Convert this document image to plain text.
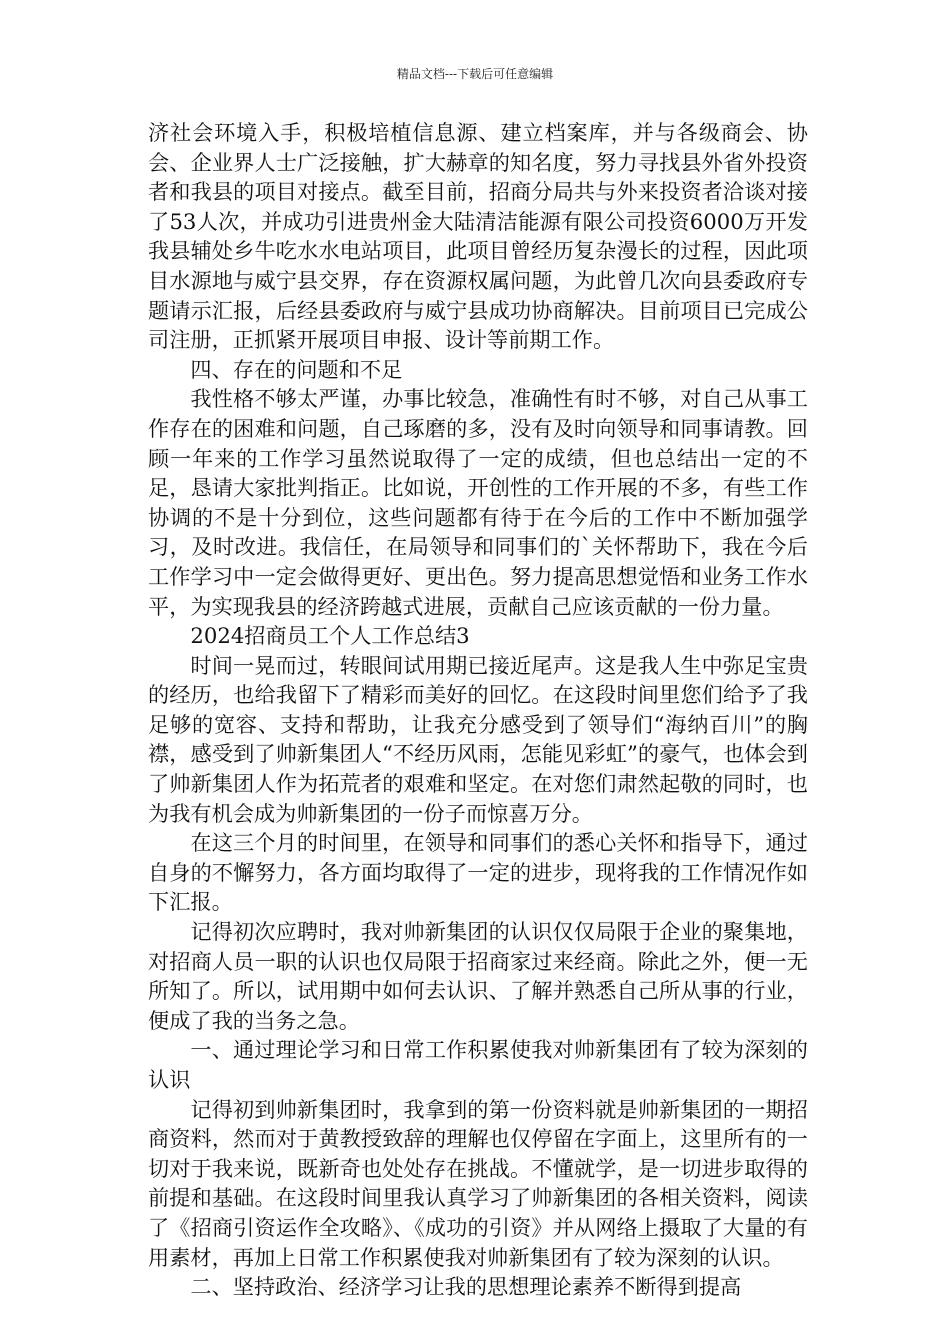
精品文档---下载后可任意编辑

济社会环境入手，积极培植信息源、建立档案库，并与各级商会、协会、企业界人士广泛接触，扩大赫章的知名度，努力寻找县外省外投资者和我县的项目对接点。截至目前，招商分局共与外来投资者洽谈对接了53人次，并成功引进贵州金大陆清洁能源有限公司投资6000万开发我县辅处乡牛吃水水电站项目，此项目曾经历复杂漫长的过程，因此项目水源地与威宁县交界，存在资源权属问题，为此曾几次向县委政府专题请示汇报，后经县委政府与威宁县成功协商解决。目前项目已完成公司注册，正抓紧开展项目申报、设计等前期工作。

四、存在的问题和不足

我性格不够太严谨，办事比较急，准确性有时不够，对自己从事工作存在的困难和问题，自己琢磨的多，没有及时向领导和同事请教。回顾一年来的工作学习虽然说取得了一定的成绩，但也总结出一定的不足，恳请大家批判指正。比如说，开创性的工作开展的不多，有些工作协调的不是十分到位，这些问题都有待于在今后的工作中不断加强学习，及时改进。我信任，在局领导和同事们的`关怀帮助下，我在今后工作学习中一定会做得更好、更出色。努力提高思想觉悟和业务工作水平，为实现我县的经济跨越式进展，贡献自己应该贡献的一份力量。

2024招商员工个人工作总结3

时间一晃而过，转眼间试用期已接近尾声。这是我人生中弥足宝贵的经历，也给我留下了精彩而美好的回忆。在这段时间里您们给予了我足够的宽容、支持和帮助，让我充分感受到了领导们“海纳百川”的胸襟，感受到了帅新集团人“不经历风雨，怎能见彩虹”的豪气，也体会到了帅新集团人作为拓荒者的艰难和坚定。在对您们肃然起敬的同时，也为我有机会成为帅新集团的一份子而惊喜万分。

在这三个月的时间里，在领导和同事们的悉心关怀和指导下，通过自身的不懈努力，各方面均取得了一定的进步，现将我的工作情况作如下汇报。

记得初次应聘时，我对帅新集团的认识仅仅局限于企业的聚集地，对招商人员一职的认识也仅局限于招商家过来经商。除此之外，便一无所知了。所以，试用期中如何去认识、了解并熟悉自己所从事的行业，便成了我的当务之急。

一、通过理论学习和日常工作积累使我对帅新集团有了较为深刻的认识

记得初到帅新集团时，我拿到的第一份资料就是帅新集团的一期招商资料，然而对于黄教授致辞的理解也仅停留在字面上，这里所有的一切对于我来说，既新奇也处处存在挑战。不懂就学，是一切进步取得的前提和基础。在这段时间里我认真学习了帅新集团的各相关资料，阅读了《招商引资运作全攻略》、《成功的引资》并从网络上摄取了大量的有用素材，再加上日常工作积累使我对帅新集团有了较为深刻的认识。

二、坚持政治、经济学习让我的思想理论素养不断得到提高
